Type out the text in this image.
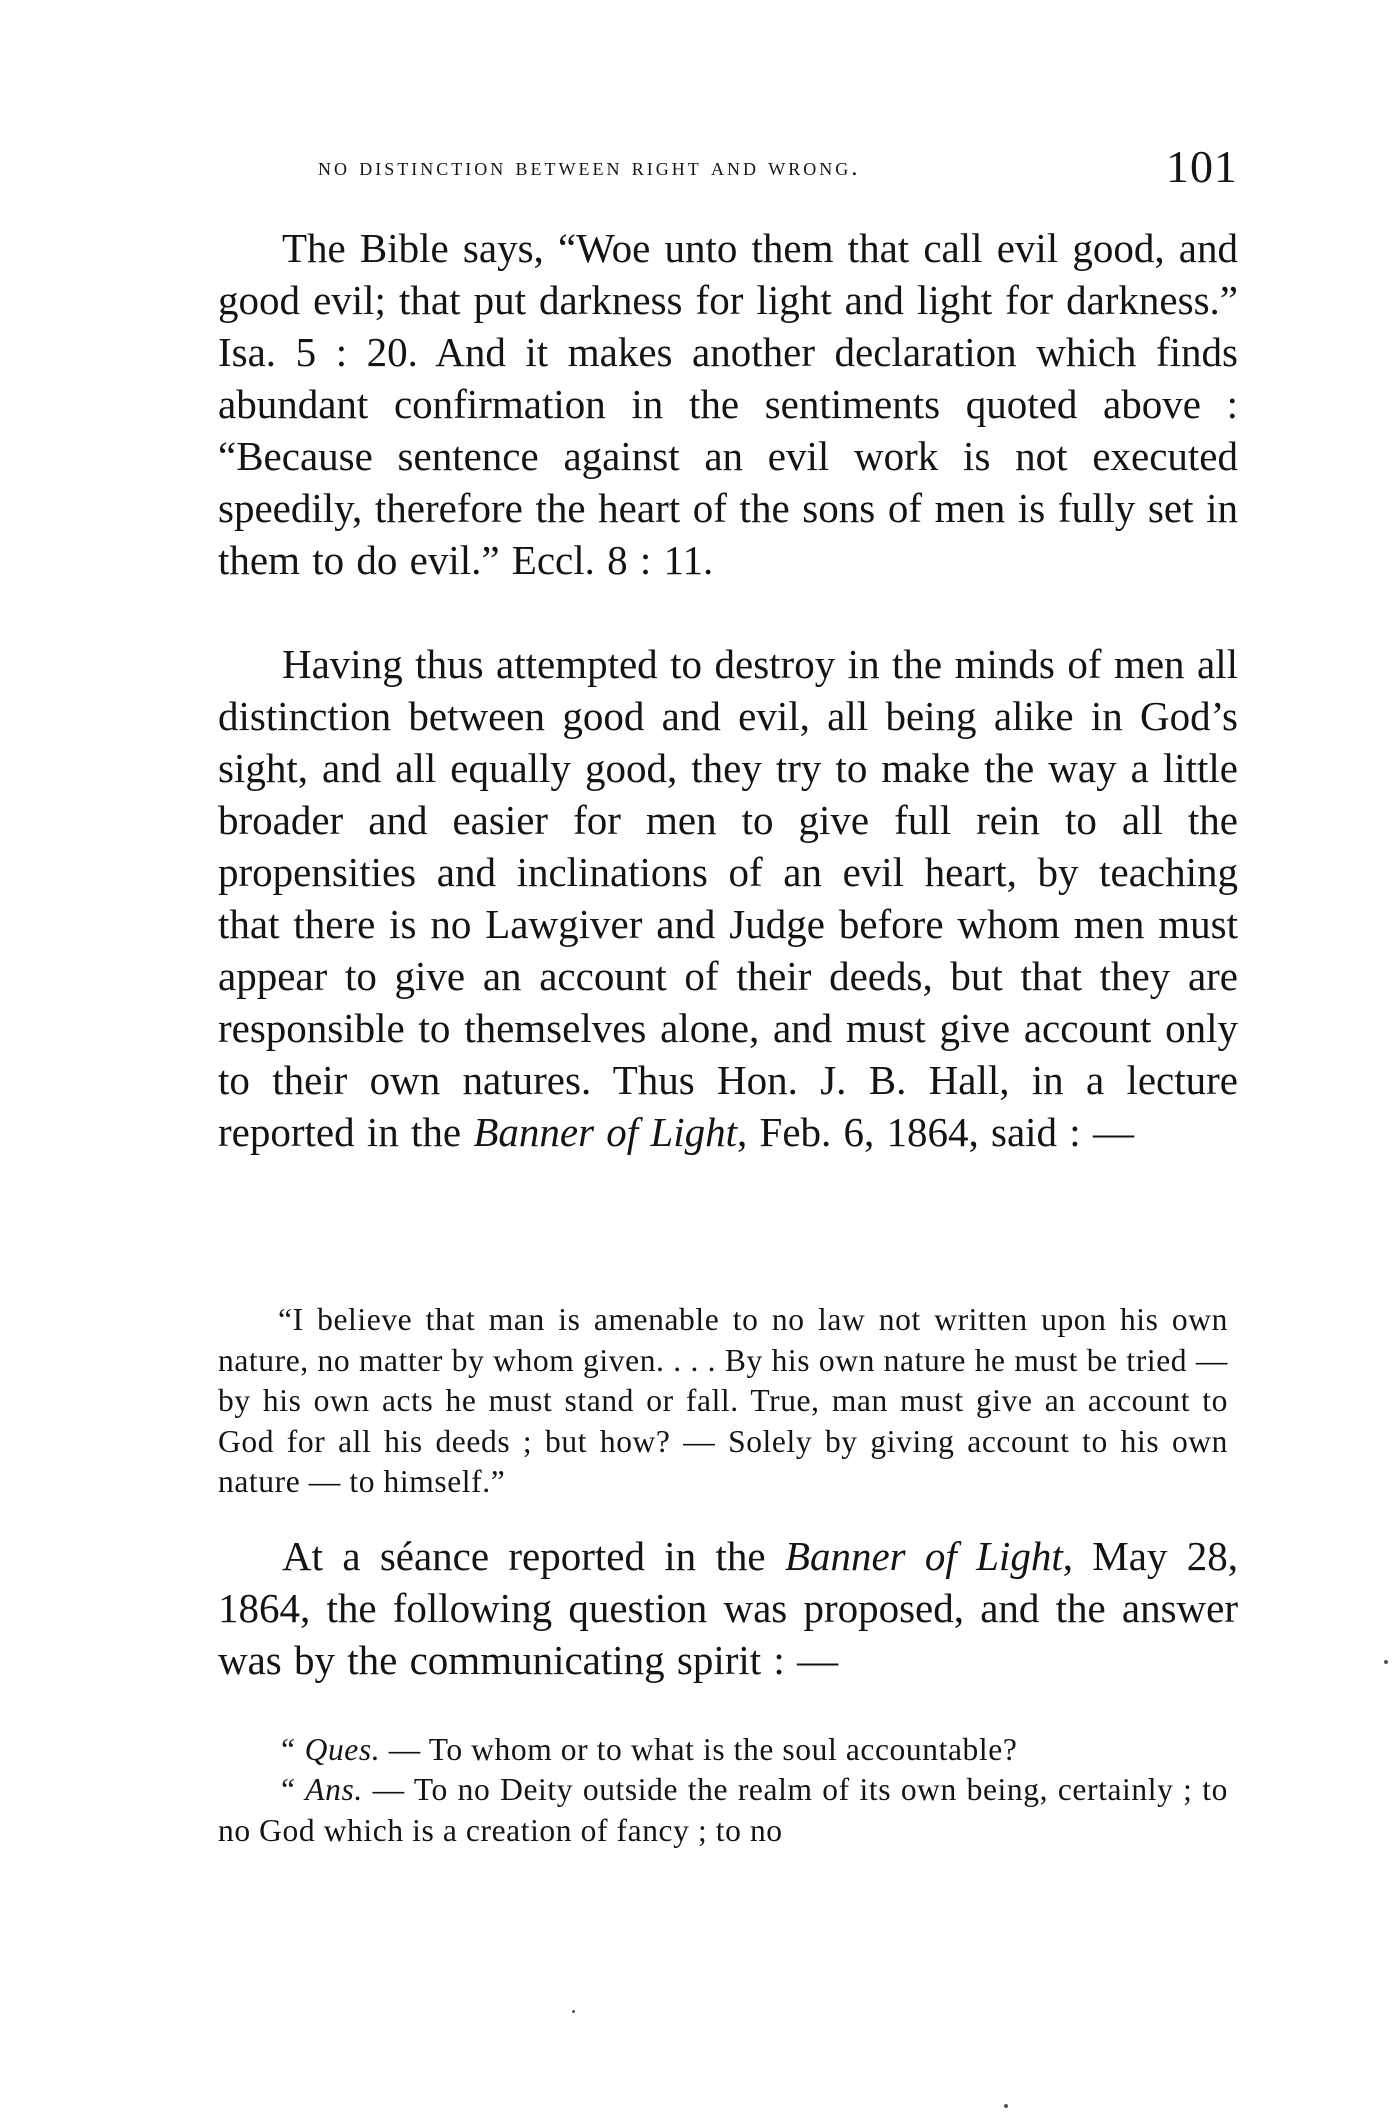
no distinction between right and wrong.	101

The Bible says, “Woe unto them that call evil good, and good evil; that put darkness for light and light for darkness.” Isa. 5 : 20. And it makes another declaration which finds abundant confirmation in the sentiments quoted above : “Because sentence against an evil work is not executed speedily, therefore the heart of the sons of men is fully set in them to do evil.” Eccl. 8 : 11.

Having thus attempted to destroy in the minds of men all distinction between good and evil, all being alike in God’s sight, and all equally good, they try to make the way a little broader and easier for men to give full rein to all the propensities and inclinations of an evil heart, by teaching that there is no Lawgiver and Judge before whom men must appear to give an account of their deeds, but that they are responsible to themselves alone, and must give account only to their own natures. Thus Hon. J. B. Hall, in a lecture reported in the Banner of Light, Feb. 6, 1864, said : —

“I believe that man is amenable to no law not written upon his own nature, no matter by whom given. . . . By his own nature he must be tried — by his own acts he must stand or fall. True, man must give an account to God for all his deeds ; but how? — Solely by giving account to his own nature — to himself.”

At a séance reported in the Banner of Light, May 28, 1864, the following question was proposed, and the answer was by the communicating spirit : —

“ Ques. — To whom or to what is the soul accountable?

“ Ans. — To no Deity outside the realm of its own being, certainly ; to no God which is a creation of fancy ; to no
